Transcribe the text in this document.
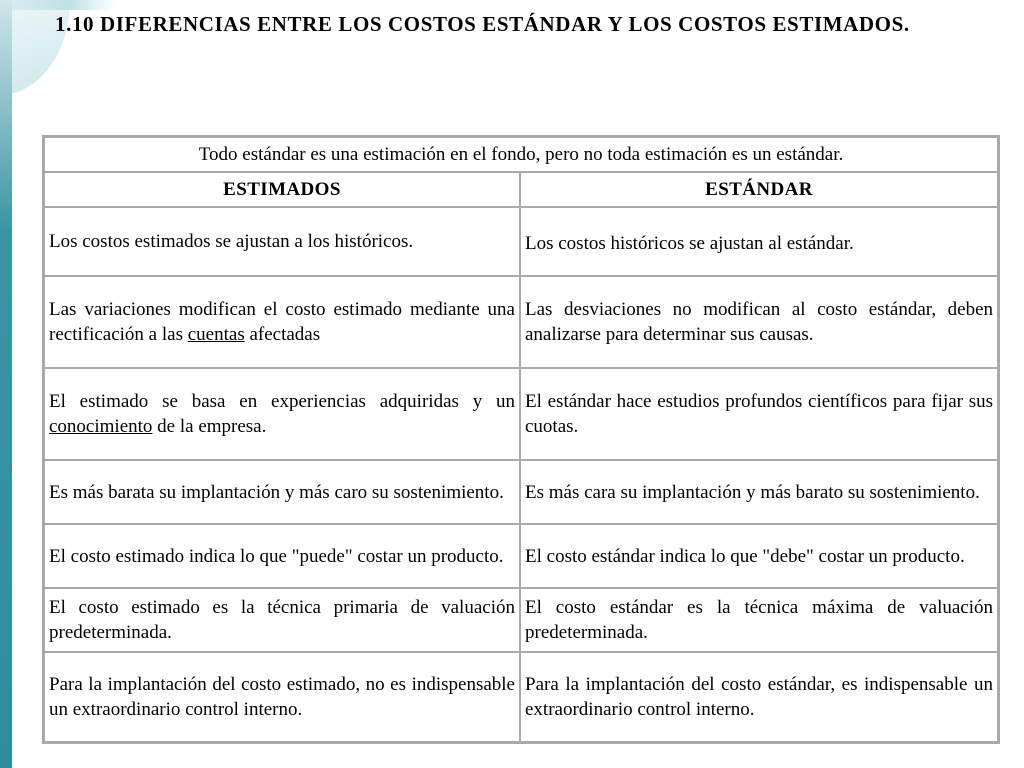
1.10 DIFERENCIAS ENTRE LOS COSTOS ESTÁNDAR Y LOS COSTOS ESTIMADOS.
Todo estándar es una estimación en el fondo, pero no toda estimación es un estándar.	
ESTIMADOS	ESTÁNDAR
Los costos estimados se ajustan a los históricos.	Los costos históricos se ajustan al estándar.
Las variaciones modifican el costo estimado mediante una rectificación a las cuentas afectadas	Las desviaciones no modifican al costo estándar, deben analizarse para determinar sus causas.
El estimado se basa en experiencias adquiridas y un conocimiento de la empresa.	El estándar hace estudios profundos científicos para fijar sus cuotas.
Es más barata su implantación y más caro su sostenimiento.	Es más cara su implantación y más barato su sostenimiento.
El costo estimado indica lo que "puede" costar un producto.	El costo estándar indica lo que "debe" costar un producto.
El costo estimado es la técnica primaria de valuación predeterminada.	El costo estándar es la técnica máxima de valuación predeterminada.
Para la implantación del costo estimado, no es indispensable un extraordinario control interno.	Para la implantación del costo estándar, es indispensable un extraordinario control interno.
